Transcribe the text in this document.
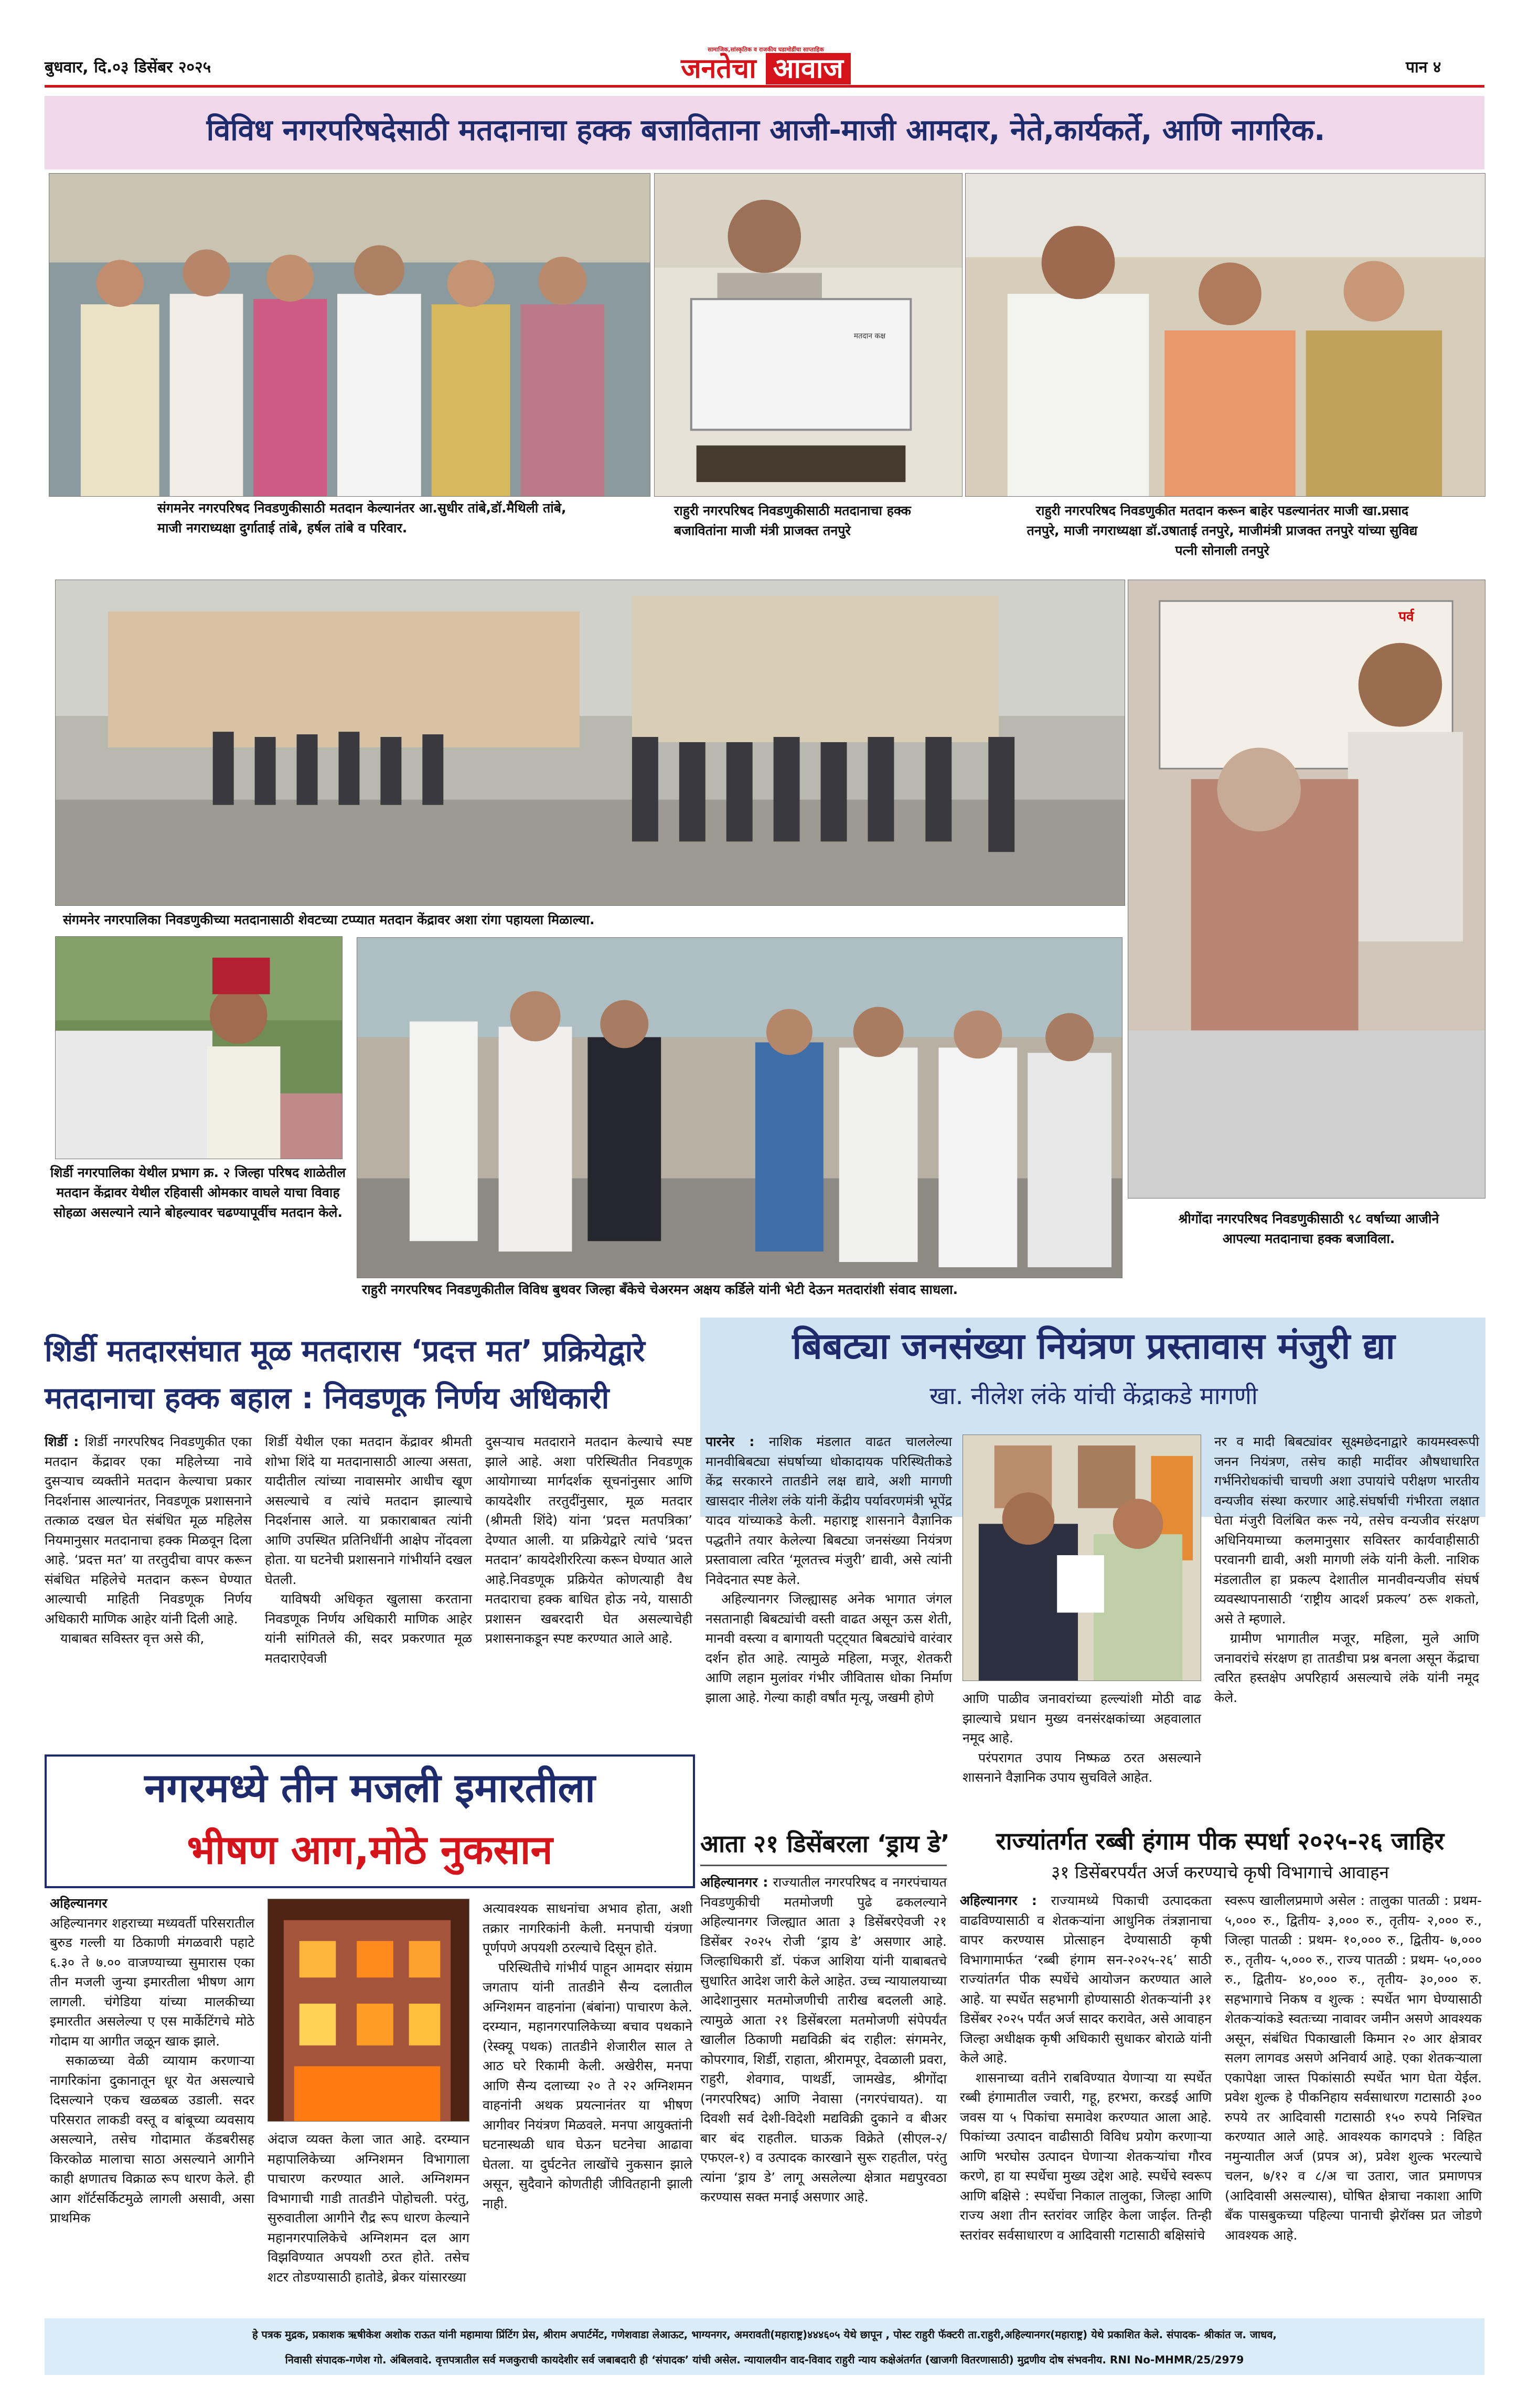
बुधवार, दि.०३ डिसेंबर २०२५
सामाजिक,सांस्कृतिक व राजकीय घडामोडींचा साप्ताहिक
जनतेचा आवाज	पान ४
विविध नगरपरिषदेसाठी मतदानाचा हक्क बजाविताना आजी-माजी आमदार, नेते,कार्यकर्ते, आणि नागरिक.
संगमनेर नगरपरिषद निवडणुकीसाठी मतदान केल्यानंतर आ.सुधीर तांबे,डॉ.मैथिली तांबे, माजी नगराध्यक्षा दुर्गाताई तांबे, हर्षल तांबे व परिवार.
मतदान कक्ष
राहुरी नगरपरिषद निवडणुकीसाठी मतदानाचा हक्क बजावितांना माजी मंत्री प्राजक्त तनपुरे
राहुरी नगरपरिषद निवडणुकीत मतदान करून बाहेर पडल्यानंतर माजी खा.प्रसाद तनपुरे, माजी नगराध्यक्षा डॉ.उषाताई तनपुरे, माजीमंत्री प्राजक्त तनपुरे यांच्या सुविद्य पत्नी सोनाली तनपुरे
संगमनेर नगरपालिका निवडणुकीच्या मतदानासाठी शेवटच्या टप्प्यात मतदान केंद्रावर अशा रांगा पहायला मिळाल्या.
पर्व
श्रीगोंदा नगरपरिषद निवडणुकीसाठी ९८ वर्षाच्या आजीने आपल्या मतदानाचा हक्क बजाविला.
शिर्डी नगरपालिका येथील प्रभाग क्र. २ जिल्हा परिषद शाळेतील मतदान केंद्रावर येथील रहिवासी ओमकार वाघले याचा विवाह सोहळा असल्याने त्याने बोहल्यावर चढण्यापूर्वीच मतदान केले.
राहुरी नगरपरिषद निवडणुकीतील विविध बुथवर जिल्हा बँकेचे चेअरमन अक्षय कर्डिले यांनी भेटी देऊन मतदारांशी संवाद साधला.
शिर्डी मतदारसंघात मूळ मतदारास ‘प्रदत्त मत’ प्रक्रियेद्वारे
मतदानाचा हक्क बहाल : निवडणूक निर्णय अधिकारी
शिर्डी : शिर्डी नगरपरिषद निवडणुकीत एका मतदान केंद्रावर एका महिलेच्या नावे दुसऱ्याच व्यक्तीने मतदान केल्याचा प्रकार निदर्शनास आल्यानंतर, निवडणूक प्रशासनाने तत्काळ दखल घेत संबंधित मूळ महिलेस नियमानुसार मतदानाचा हक्क मिळवून दिला आहे. ‘प्रदत्त मत’ या तरतुदीचा वापर करून संबंधित महिलेचे मतदान करून घेण्यात आल्याची माहिती निवडणूक निर्णय अधिकारी माणिक आहेर यांनी दिली आहे.
याबाबत सविस्तर वृत्त असे की,
शिर्डी येथील एका मतदान केंद्रावर श्रीमती शोभा शिंदे या मतदानासाठी आल्या असता, यादीतील त्यांच्या नावासमोर आधीच खूण असल्याचे व त्यांचे मतदान झाल्याचे निदर्शनास आले. या प्रकाराबाबत त्यांनी आणि उपस्थित प्रतिनिधींनी आक्षेप नोंदवला होता. या घटनेची प्रशासनाने गांभीर्याने दखल घेतली.
याविषयी अधिकृत खुलासा करताना निवडणूक निर्णय अधिकारी माणिक आहेर यांनी सांगितले की, सदर प्रकरणात मूळ मतदाराऐवजी
दुसऱ्याच मतदाराने मतदान केल्याचे स्पष्ट झाले आहे. अशा परिस्थितीत निवडणूक आयोगाच्या मार्गदर्शक सूचनांनुसार आणि कायदेशीर तरतुदींनुसार, मूळ मतदार (श्रीमती शिंदे) यांना ‘प्रदत्त मतपत्रिका’ देण्यात आली. या प्रक्रियेद्वारे त्यांचे ‘प्रदत्त मतदान’ कायदेशीररित्या करून घेण्यात आले आहे.निवडणूक प्रक्रियेत कोणत्याही वैध मतदाराचा हक्क बाधित होऊ नये, यासाठी प्रशासन खबरदारी घेत असल्याचेही प्रशासनाकडून स्पष्ट करण्यात आले आहे.
बिबट्या जनसंख्या नियंत्रण प्रस्तावास मंजुरी द्या
खा. नीलेश लंके यांची केंद्राकडे मागणी
पारनेर : नाशिक मंडलात वाढत चाललेल्या मानवीबिबट्या संघर्षाच्या धोकादायक परिस्थितीकडे केंद्र सरकारने तातडीने लक्ष द्यावे, अशी मागणी खासदार नीलेश लंके यांनी केंद्रीय पर्यावरणमंत्री भूपेंद्र यादव यांच्याकडे केली. महाराष्ट्र शासनाने वैज्ञानिक पद्धतीने तयार केलेल्या बिबट्या जनसंख्या नियंत्रण प्रस्तावाला त्वरित ‘मूलतत्त्व मंजुरी’ द्यावी, असे त्यांनी निवेदनात स्पष्ट केले.
अहिल्यानगर जिल्ह्यासह अनेक भागात जंगल नसतानाही बिबट्यांची वस्ती वाढत असून ऊस शेती, मानवी वस्त्या व बागायती पट्ट्यात बिबट्यांचे वारंवार दर्शन होत आहे. त्यामुळे महिला, मजूर, शेतकरी आणि लहान मुलांवर गंभीर जीवितास धोका निर्माण झाला आहे. गेल्या काही वर्षांत मृत्यू, जखमी होणे	आणि पाळीव जनावरांच्या हल्ल्यांशी मोठी वाढ झाल्याचे प्रधान मुख्य वनसंरक्षकांच्या अहवालात नमूद आहे.
परंपरागत उपाय निष्फळ ठरत असल्याने शासनाने वैज्ञानिक उपाय सुचविले आहेत.
नर व मादी बिबट्यांवर सूक्ष्मछेदनाद्वारे कायमस्वरूपी जनन नियंत्रण, तसेच काही मादींवर औषधाधारित गर्भनिरोधकांची चाचणी अशा उपायांचे परीक्षण भारतीय वन्यजीव संस्था करणार आहे.संघर्षाची गंभीरता लक्षात घेता मंजुरी विलंबित करू नये, तसेच वन्यजीव संरक्षण अधिनियमाच्या कलमानुसार सविस्तर कार्यवाहीसाठी परवानगी द्यावी, अशी मागणी लंके यांनी केली. नाशिक मंडलातील हा प्रकल्प देशातील मानवीवन्यजीव संघर्ष व्यवस्थापनासाठी ‘राष्ट्रीय आदर्श प्रकल्प’ ठरू शकतो, असे ते म्हणाले.
ग्रामीण भागातील मजूर, महिला, मुले आणि जनावरांचे संरक्षण हा तातडीचा प्रश्न बनला असून केंद्राचा त्वरित हस्तक्षेप अपरिहार्य असल्याचे लंके यांनी नमूद केले.
नगरमध्ये तीन मजली इमारतीला
भीषण आग,मोठे नुकसान
अहिल्यानगर
अहिल्यानगर शहराच्या मध्यवर्ती परिसरातील बुरुड गल्ली या ठिकाणी मंगळवारी पहाटे ६.३० ते ७.०० वाजण्याच्या सुमारास एका तीन मजली जुन्या इमारतीला भीषण आग लागली. चंगेडिया यांच्या मालकीच्या इमारतीत असलेल्या ए एस मार्केटिंगचे मोठे गोदाम या आगीत जळून खाक झाले.
सकाळच्या वेळी व्यायाम करणाऱ्या नागरिकांना दुकानातून धूर येत असल्याचे दिसल्याने एकच खळबळ उडाली. सदर परिसरात लाकडी वस्तू व बांबूच्या व्यवसाय असल्याने, तसेच गोदामात कॅडबरीसह किरकोळ मालाचा साठा असल्याने आगीने काही क्षणातच विक्राळ रूप धारण केले. ही आग शॉर्टसर्किटमुळे लागली असावी, असा प्राथमिक
अंदाज व्यक्त केला जात आहे. दरम्यान महापालिकेच्या अग्निशमन विभागाला पाचारण करण्यात आले. अग्निशमन विभागाची गाडी तातडीने पोहोचली. परंतु, सुरुवातीला आगीने रौद्र रूप धारण केल्याने महानगरपालिकेचे अग्निशमन दल आग विझविण्यात अपयशी ठरत होते. तसेच शटर तोडण्यासाठी हातोडे, ब्रेकर यांसारख्या
अत्यावश्यक साधनांचा अभाव होता, अशी तक्रार नागरिकांनी केली. मनपाची यंत्रणा पूर्णपणे अपयशी ठरल्याचे दिसून होते.
परिस्थितीचे गांभीर्य पाहून आमदार संग्राम जगताप यांनी तातडीने सैन्य दलातील अग्निशमन वाहनांना (बंबांना) पाचारण केले. दरम्यान, महानगरपालिकेच्या बचाव पथकाने (रेस्क्यू पथक) तातडीने शेजारील साल ते आठ घरे रिकामी केली. अखेरीस, मनपा आणि सैन्य दलाच्या २० ते २२ अग्निशमन वाहनांनी अथक प्रयत्नानंतर या भीषण आगीवर नियंत्रण मिळवले. मनपा आयुक्तांनी घटनास्थळी धाव घेऊन घटनेचा आढावा घेतला. या दुर्घटनेत लाखोंचे नुकसान झाले असून, सुदैवाने कोणतीही जीवितहानी झाली नाही.
आता २१ डिसेंबरला ‘ड्राय डे’
अहिल्यानगर : राज्यातील नगरपरिषद व नगरपंचायत निवडणुकीची मतमोजणी पुढे ढकलल्याने अहिल्यानगर जिल्ह्यात आता ३ डिसेंबरऐवजी २१ डिसेंबर २०२५ रोजी ‘ड्राय डे’ असणार आहे. जिल्हाधिकारी डॉ. पंकज आशिया यांनी याबाबतचे सुधारित आदेश जारी केले आहेत. उच्च न्यायालयाच्या आदेशानुसार मतमोजणीची तारीख बदलली आहे. त्यामुळे आता २१ डिसेंबरला मतमोजणी संपेपर्यंत खालील ठिकाणी मद्यविक्री बंद राहील: संगमनेर, कोपरगाव, शिर्डी, राहाता, श्रीरामपूर, देवळाली प्रवरा, राहुरी, शेवगाव, पाथर्डी, जामखेड, श्रीगोंदा (नगरपरिषद) आणि नेवासा (नगरपंचायत). या दिवशी सर्व देशी-विदेशी मद्यविक्री दुकाने व बीअर बार बंद राहतील. घाऊक विक्रेते (सीएल-२/एफएल-१) व उत्पादक कारखाने सुरू राहतील, परंतु त्यांना ‘ड्राय डे’ लागू असलेल्या क्षेत्रात मद्यपुरवठा करण्यास सक्त मनाई असणार आहे.
राज्यांतर्गत रब्बी हंगाम पीक स्पर्धा २०२५-२६ जाहिर
३१ डिसेंबरपर्यंत अर्ज करण्याचे कृषी विभागाचे आवाहन
अहिल्यानगर : राज्यामध्ये पिकाची उत्पादकता वाढविण्यासाठी व शेतकऱ्यांना आधुनिक तंत्रज्ञानाचा वापर करण्यास प्रोत्साहन देण्यासाठी कृषी विभागामार्फत ‘रब्बी हंगाम सन-२०२५-२६’ साठी राज्यांतर्गत पीक स्पर्धेचे आयोजन करण्यात आले आहे. या स्पर्धेत सहभागी होण्यासाठी शेतकऱ्यांनी ३१ डिसेंबर २०२५ पर्यंत अर्ज सादर करावेत, असे आवाहन जिल्हा अधीक्षक कृषी अधिकारी सुधाकर बोराळे यांनी केले आहे.
शासनाच्या वतीने राबविण्यात येणाऱ्या या स्पर्धेत रब्बी हंगामातील ज्वारी, गहू, हरभरा, करडई आणि जवस या ५ पिकांचा समावेश करण्यात आला आहे. पिकांच्या उत्पादन वाढीसाठी विविध प्रयोग करणाऱ्या आणि भरघोस उत्पादन घेणाऱ्या शेतकऱ्यांचा गौरव करणे, हा या स्पर्धेचा मुख्य उद्देश आहे. स्पर्धेचे स्वरूप आणि बक्षिसे : स्पर्धेचा निकाल तालुका, जिल्हा आणि राज्य अशा तीन स्तरांवर जाहिर केला जाईल. तिन्ही स्तरांवर सर्वसाधारण व आदिवासी गटासाठी बक्षिसांचे
स्वरूप खालीलप्रमाणे असेल : तालुका पातळी : प्रथम- ५,००० रु., द्वितीय- ३,००० रु., तृतीय- २,००० रु., जिल्हा पातळी : प्रथम- १०,००० रु., द्वितीय- ७,००० रु., तृतीय- ५,००० रु., राज्य पातळी : प्रथम- ५०,००० रु., द्वितीय- ४०,००० रु., तृतीय- ३०,००० रु. सहभागाचे निकष व शुल्क : स्पर्धेत भाग घेण्यासाठी शेतकऱ्यांकडे स्वतःच्या नावावर जमीन असणे आवश्यक असून, संबंधित पिकाखाली किमान २० आर क्षेत्रावर सलग लागवड असणे अनिवार्य आहे. एका शेतकऱ्याला एकापेक्षा जास्त पिकांसाठी स्पर्धेत भाग घेता येईल. प्रवेश शुल्क हे पीकनिहाय सर्वसाधारण गटासाठी ३०० रुपये तर आदिवासी गटासाठी १५० रुपये निश्चित करण्यात आले आहे. आवश्यक कागदपत्रे : विहित नमुन्यातील अर्ज (प्रपत्र अ), प्रवेश शुल्क भरल्याचे चलन, ७/१२ व ८/अ चा उतारा, जात प्रमाणपत्र (आदिवासी असल्यास), घोषित क्षेत्राचा नकाशा आणि बँक पासबुकच्या पहिल्या पानाची झेरॉक्स प्रत जोडणे आवश्यक आहे.
हे पत्रक मुद्रक, प्रकाशक ऋषीकेश अशोक राऊत यांनी महामाया प्रिंटिंग प्रेस, श्रीराम अपार्टमेंट, गणेशवाडा लेआऊट, भाग्यनगर, अमरावती(महाराष्ट्र)४४४६०५ येथे छापून , पोस्ट राहुरी फॅक्टरी ता.राहुरी,अहिल्यानगर(महाराष्ट्र) येथे प्रकाशित केले. संपादक- श्रीकांत ज. जाधव,
निवासी संपादक-गणेश गो. अंबिलवादे. वृत्तपत्रातील सर्व मजकुराची कायदेशीर सर्व जबाबदारी ही ‘संपादक’ यांची असेल. न्यायालयीन वाद-विवाद राहुरी न्याय कक्षेअंतर्गत (खाजगी वितरणासाठी) मुद्रणीय दोष संभवनीय. RNI No-MHMR/25/2979
